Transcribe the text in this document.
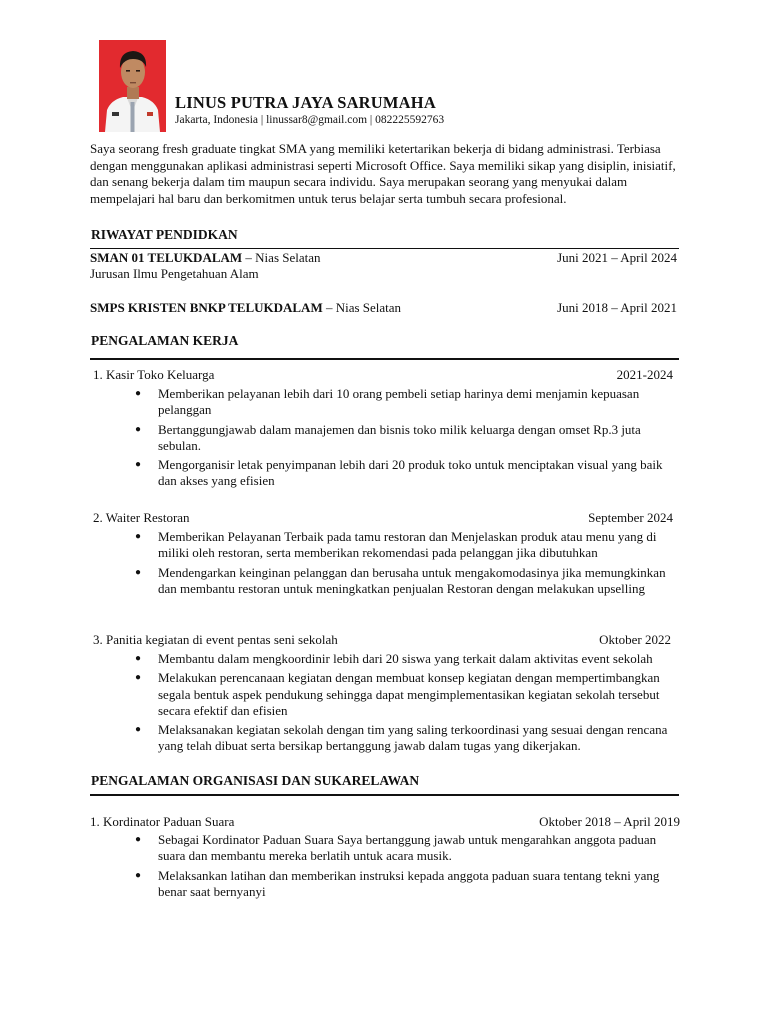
LINUS PUTRA JAYA SARUMAHA
Jakarta, Indonesia | linussar8@gmail.com | 082225592763
Saya seorang fresh graduate tingkat SMA yang memiliki ketertarikan bekerja di bidang administrasi. Terbiasa dengan menggunakan aplikasi administrasi seperti Microsoft Office. Saya memiliki sikap yang disiplin, inisiatif, dan senang bekerja dalam tim maupun secara individu. Saya merupakan seorang yang menyukai dalam mempelajari hal baru dan berkomitmen untuk terus belajar serta tumbuh secara profesional.
RIWAYAT PENDIDKAN
SMAN 01 TELUKDALAM – Nias Selatan	Juni 2021 – April 2024
Jurusan Ilmu Pengetahuan Alam
SMPS KRISTEN BNKP TELUKDALAM – Nias Selatan	Juni 2018 – April 2021
PENGALAMAN KERJA
1. Kasir Toko Keluarga	2021-2024
● Memberikan pelayanan lebih dari 10 orang pembeli setiap harinya demi menjamin kepuasan pelanggan
● Bertanggungjawab dalam manajemen dan bisnis toko milik keluarga dengan omset Rp.3 juta sebulan.
● Mengorganisir letak penyimpanan lebih dari 20 produk toko untuk menciptakan visual yang baik dan akses yang efisien
2. Waiter Restoran	September 2024
● Memberikan Pelayanan Terbaik pada tamu restoran dan Menjelaskan produk atau menu yang di miliki oleh restoran, serta memberikan rekomendasi pada pelanggan jika dibutuhkan
● Mendengarkan keinginan pelanggan dan berusaha untuk mengakomodasinya jika memungkinkan dan membantu restoran untuk meningkatkan penjualan Restoran dengan melakukan upselling
3. Panitia kegiatan di event pentas seni sekolah	Oktober 2022
● Membantu dalam mengkoordinir lebih dari 20 siswa yang terkait dalam aktivitas event sekolah
● Melakukan perencanaan kegiatan dengan membuat konsep kegiatan dengan mempertimbangkan segala bentuk aspek pendukung sehingga dapat mengimplementasikan kegiatan sekolah tersebut secara efektif dan efisien
● Melaksanakan kegiatan sekolah dengan tim yang saling terkoordinasi yang sesuai dengan rencana yang telah dibuat serta bersikap bertanggung jawab dalam tugas yang dikerjakan.
PENGALAMAN ORGANISASI DAN SUKARELAWAN
1. Kordinator Paduan Suara	Oktober 2018 – April 2019
● Sebagai Kordinator Paduan Suara Saya bertanggung jawab untuk mengarahkan anggota paduan suara dan membantu mereka berlatih untuk acara musik.
● Melaksankan latihan dan memberikan instruksi kepada anggota paduan suara tentang tekni yang benar saat bernyanyi
